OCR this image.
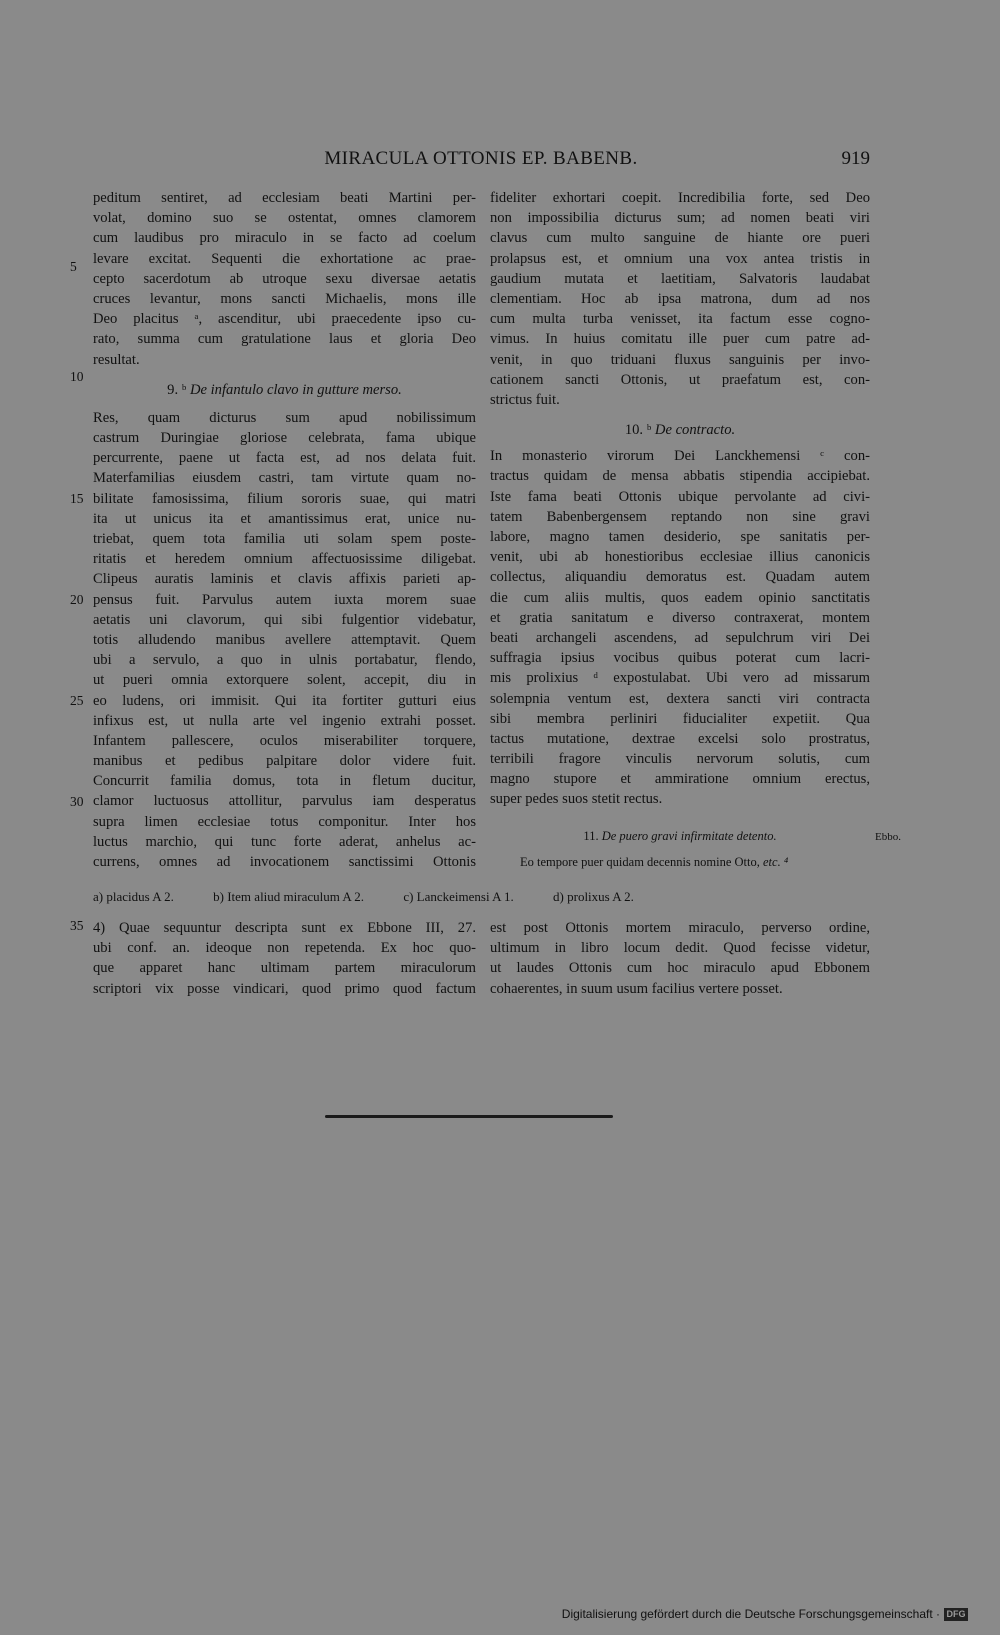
MIRACULA OTTONIS EP. BABENB.	919
5
10
15
20
25
30
35
peditum sentiret, ad ecclesiam beati Martini per-
volat, domino suo se ostentat, omnes clamorem
cum laudibus pro miraculo in se facto ad coelum
levare excitat. Sequenti die exhortatione ac prae-
cepto sacerdotum ab utroque sexu diversae aetatis
cruces levantur, mons sancti Michaelis, mons ille
Deo placitus ᵃ, ascenditur, ubi praecedente ipso cu-
rato, summa cum gratulatione laus et gloria Deo
resultat.
9. ᵇ De infantulo clavo in gutture merso.
Res, quam dicturus sum apud nobilissimum
castrum Duringiae gloriose celebrata, fama ubique
percurrente, paene ut facta est, ad nos delata fuit.
Materfamilias eiusdem castri, tam virtute quam no-
bilitate famosissima, filium sororis suae, qui matri
ita ut unicus ita et amantissimus erat, unice nu-
triebat, quem tota familia uti solam spem poste-
ritatis et heredem omnium affectuosissime diligebat.
Clipeus auratis laminis et clavis affixis parieti ap-
pensus fuit. Parvulus autem iuxta morem suae
aetatis uni clavorum, qui sibi fulgentior videbatur,
totis alludendo manibus avellere attemptavit. Quem
ubi a servulo, a quo in ulnis portabatur, flendo,
ut pueri omnia extorquere solent, accepit, diu in
eo ludens, ori immisit. Qui ita fortiter gutturi eius
infixus est, ut nulla arte vel ingenio extrahi posset.
Infantem pallescere, oculos miserabiliter torquere,
manibus et pedibus palpitare dolor videre fuit.
Concurrit familia domus, tota in fletum ducitur,
clamor luctuosus attollitur, parvulus iam desperatus
supra limen ecclesiae totus componitur. Inter hos
luctus marchio, qui tunc forte aderat, anhelus ac-
currens, omnes ad invocationem sanctissimi Ottonis
fideliter exhortari coepit. Incredibilia forte, sed Deo
non impossibilia dicturus sum; ad nomen beati viri
clavus cum multo sanguine de hiante ore pueri
prolapsus est, et omnium una vox antea tristis in
gaudium mutata et laetitiam, Salvatoris laudabat
clementiam. Hoc ab ipsa matrona, dum ad nos
cum multa turba venisset, ita factum esse cogno-
vimus. In huius comitatu ille puer cum patre ad-
venit, in quo triduani fluxus sanguinis per invo-
cationem sancti Ottonis, ut praefatum est, con-
strictus fuit.
10. ᵇ De contracto.
In monasterio virorum Dei Lanckhemensi ᶜ con-
tractus quidam de mensa abbatis stipendia accipiebat.
Iste fama beati Ottonis ubique pervolante ad civi-
tatem Babenbergensem reptando non sine gravi
labore, magno tamen desiderio, spe sanitatis per-
venit, ubi ab honestioribus ecclesiae illius canonicis
collectus, aliquandiu demoratus est. Quadam autem
die cum aliis multis, quos eadem opinio sanctitatis
et gratia sanitatum e diverso contraxerat, montem
beati archangeli ascendens, ad sepulchrum viri Dei
suffragia ipsius vocibus quibus poterat cum lacri-
mis prolixius ᵈ expostulabat. Ubi vero ad missarum
solempnia ventum est, dextera sancti viri contracta
sibi membra perliniri fiducialiter expetiit. Qua
tactus mutatione, dextrae excelsi solo prostratus,
terribili fragore vinculis nervorum solutis, cum
magno stupore et ammiratione omnium erectus,
super pedes suos stetit rectus.
11. De puero gravi infirmitate detento.	Ebbo.
Eo tempore puer quidam decennis nomine Otto, etc. ⁴
a) placidus A 2.	b) Item aliud miraculum A 2.	c) Lanckeimensi A 1.	d) prolixus A 2.
4) Quae sequuntur descripta sunt ex Ebbone III, 27.
ubi conf. an. ideoque non repetenda. Ex hoc quo-
que apparet hanc ultimam partem miraculorum
scriptori vix posse vindicari, quod primo quod factum
est post Ottonis mortem miraculo, perverso ordine,
ultimum in libro locum dedit. Quod fecisse videtur,
ut laudes Ottonis cum hoc miraculo apud Ebbonem
cohaerentes, in suum usum facilius vertere posset.
Digitalisierung gefördert durch die Deutsche Forschungsgemeinschaft · DFG
